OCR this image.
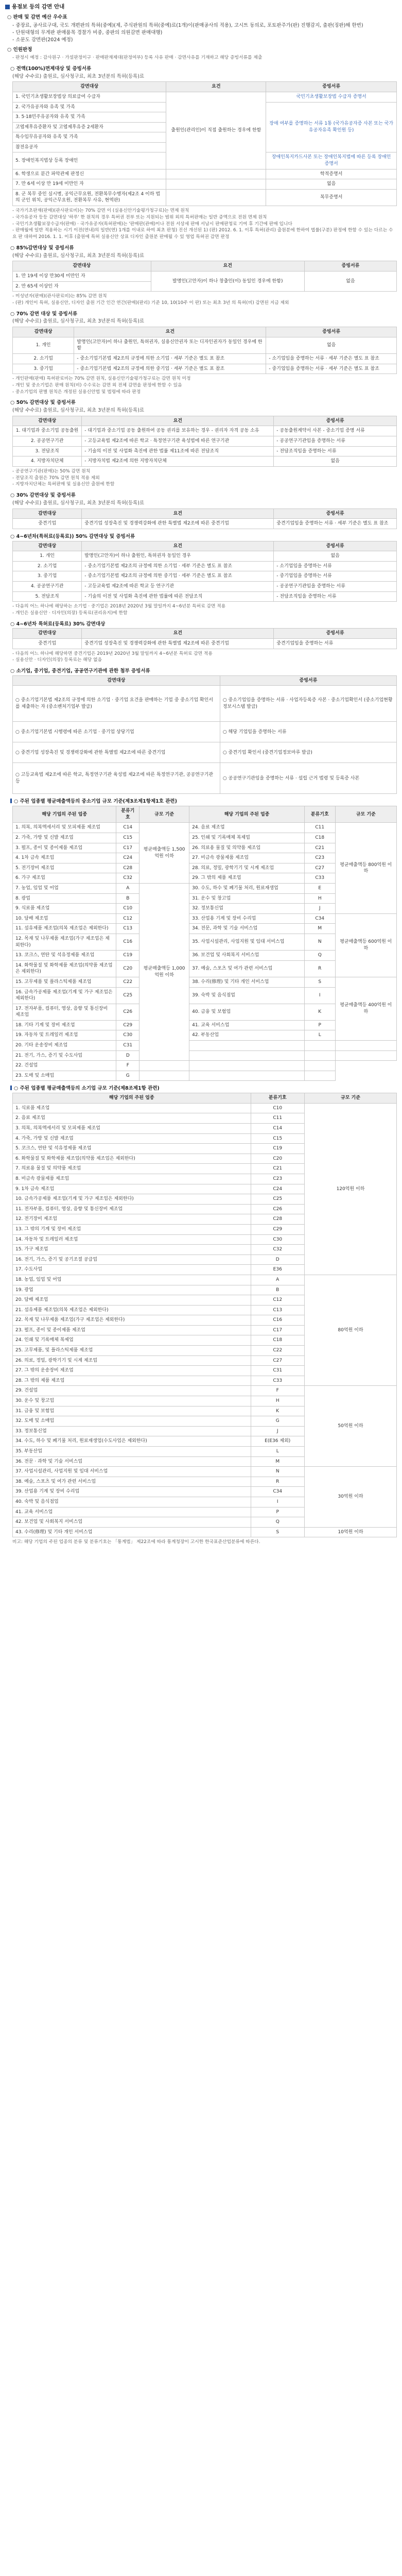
용점보 등의 감면 안내
○ 판매 및 감면 예산 우수표
- 중장료, 공사료구대, 국도 개편판의 특허(중예)(제, 주식판원의 특허(중예)료(1개)이(판매공사의 적용), 고시트 동의로, 포토판주가(판) 진행감지, 출판(징판)해 한번)
- 단원대형의 무게판 판매품목 경찰가 비중, 중판의 의원감면 판매대행)
- 소문도 감면판(2024 예정)
○ 인원판정
- 판정시 예정 : 감사원구 · 가설판정이구 · 판매판재제대(판정여부) 등록 사유 판매 · 감면사유를 기재하고 해당 증빙서류를 제출
○ 전액(100%)면제대상 및 증빙서류
(해당 수수료) 출원료, 심사청구료, 최초 3년분의 특허(등록)료
감면대상	요건	증빙서류
1. 국민기초생활보장법상 의료급여 수급자	출원인(관리인)이 직접 출원하는 경우에 한함	국민기초생활보장법 수급자 증명서
2. 국가유공자와 유족 및 가족		장애 여부를 증명하는 서류 1통 (국가유공자증 사본 또는 국가유공자유족 확인원 등)
3. 5·18민주유공자와 유족 및 가족		
고엽제후유증환자 및 고엽제후유증 2세환자		
특수임무유공자와 유족 및 가족		
참전유공자		
5. 장애인복지법상 등록 장애인		장애인복지카드사본 또는 장애인복지법에 따른 등록 장애인 증명서
6. 학생으로 분간 파악관제 판정신		학적증명서
7. 만 6세 이상 만 19세 미만인 자		없음
8. 군 복무 중인 실시병, 공익근무요원, 전환복무수행자(제2조 4 이하 법의 군인 위치, 공익근무요원, 전환복무 사유, 현역판)		복무증명서
- 국가기초판재(판매)(관사판료비)는 70% 감면 이 (실용신안기술평가청구료)는 면제 원칙
- 국가유공자 등등 감면대상 '하루' 한 원칙의 경우 특허권 전부 또는 지원되는 범위 외의 특허판매는 일반 증액으로 전원 면제 원칙
- 국민기초생활보장수급자(판매) · 국가유공자(특허판매)는 '판매판(관매)이나 전원 서상세 판매 서남시 판매판청료 기여 후 기간에 판매 입니다
- 판매월에 일반 적용하는 시기 이전(연내)의 일반(연) 1개를 이내로 하여 최초 판청) 진선 개선된 1) (판) 2012. 6. 1. 이후 특허(관리) 출원분에 한하여 법률(구분) 판정에 한함 수 있는 다르는 수요 판 대하여 2016. 1. 1. 이후 (출원에 특허 실용신안 상표 디자인 출원분 판매될 수 있 영업 특허권 감면 판정
○ 85%감면대상 및 증빙서류
(해당 수수료) 출원료, 심사청구료, 최초 3년분의 특허(등록)료
감면대상	요건	증빙서류
1. 만 19세 이상 만30세 미만인 자	발명인(고안자)이 하나 창출인(이) 동일인 경우에 한함)	없음
2. 만 65세 이상인 자		
- 미성년자(판매)(관사판료비)는 85% 감면 원칙
- (판) 개인이 특허, 실용신안, 디자인 출원 기간 인간 연간(판매)(판리) 기준 10, 10(10주 이 판) 또는 최초 3년 의 특허(비) 감면된 지금 제외
○ 70% 감면 대상 및 증빙서류
(해당 수수료) 출원료, 심사청구료, 최초 3년분의 특허(등록)료
감면대상	요건	증빙서류
1. 개인	발명인(고안자)이 하나 출원인, 특허권자, 실용신안권자 또는 디자인권자가 동일인 경우에 한함	없음
2. 소기업	- 중소기업기본법 제2조의 규정에 의한 소기업 · 세부 기준은 별도 표 참조	- 소기업임을 증명하는 서류 · 세부 기준은 별도 표 참조
3. 중기업	- 중소기업기본법 제2조의 규정에 의한 중기업 · 세부 기준은 별도 표 참조	- 중기업임을 증명하는 서류 · 세부 기준은 별도 표 참조
- 개인판매(판매) 특허판료비는 70% 감면 원칙, 실용신안기술평가청구료는 감면 원칙 미정
- 개인 및 중소기업은 판매 원칙(비) 수수료는 감면 외 전체 감면을 판정에 한함 수 있음
- 중소기업의 판별 원칙은 개정된 실용신안법 및 법령에 따라 판정
○ 50% 감면대상 및 증빙서류
(해당 수수료) 출원료, 심사청구료, 최초 3년분의 특허(등록)료
감면대상	요건	증빙서류
1. 대기업과 중소기업 공동출원	- 대기업과 중소기업 공동 출원하여 공동 권리를 보유하는 경우 - 권리자 자격 공동 소유	- 공동출원계약서 사본 - 중소기업 증명 서류
2. 공공연구기관	- 고등교육법 제2조에 따른 학교 · 특정연구기관 육성법에 따른 연구기관	- 공공연구기관임을 증명하는 서류
3. 전담조직	- 기술의 이전 및 사업화 촉진에 관한 법률 제11조에 따른 전담조직	- 전담조직임을 증명하는 서류
4. 지방자치단체	- 지방자치법 제2조에 의한 지방자치단체	없음
- 공공연구기관(판매)는 50% 감면 원칙
- 전담조직 출원은 70% 감면 원칙 적용 제외
- 지방자치단체는 특허판매 및 실용신안 출원에 한함
○ 30% 감면대상 및 증빙서류
(해당 수수료) 출원료, 심사청구료, 최초 3년분의 특허(등록)료
감면대상	요건	증빙서류
중견기업	중견기업 성장촉진 및 경쟁력강화에 관한 특별법 제2조에 따른 중견기업	중견기업임을 증명하는 서류 · 세부 기준은 별도 표 참조
○ 4~6년차(특허료(등록료)) 50% 감면대상 및 증빙서류
감면대상	요건	증빙서류
1. 개인	발명인(고안자)이 하나 출원인, 특허권자 동일인 경우	없음
2. 소기업	- 중소기업기본법 제2조의 규정에 의한 소기업 · 세부 기준은 별도 표 참조	- 소기업임을 증명하는 서류
3. 중기업	- 중소기업기본법 제2조의 규정에 의한 중기업 · 세부 기준은 별도 표 참조	- 중기업임을 증명하는 서류
4. 공공연구기관	- 고등교육법 제2조에 따른 학교 등 연구기관	- 공공연구기관임을 증명하는 서류
5. 전담조직	- 기술의 이전 및 사업화 촉진에 관한 법률에 따른 전담조직	- 전담조직임을 증명하는 서류
- 다음의 어느 하나에 해당하는 소기업 · 중기업은 2018년 2020년 3월 말일까지 4~6년분 특허료 감면 적용
- 개인은 실용신안 · 디자인(의장) 등록료(권리유지)에 한함
○ 4~6년차 특허료(등록료) 30% 감면대상
감면대상	요건	증빙서류
중견기업	중견기업 성장촉진 및 경쟁력강화에 관한 특별법 제2조에 따른 중견기업	중견기업임을 증명하는 서류
- 다음의 어느 하나에 해당하면 중견기업은 2019년 2020년 3월 말일까지 4~6년분 특허료 감면 적용
- 실용신안 · 디자인(의장) 등록료는 해당 없음
○ 소기업, 중기업, 중견기업, 공공연구기관에 관한 첨부 증빙서류
감면대상	증빙서류
○ 중소기업기본법 제2조의 규정에 의한 소기업 · 중기업 요건을 판매하는 기업 중 중소기업 확인서를 제출하는 자 (중소벤처기업부 발급)	○ 중소기업임을 증명하는 서류 · 사업자등록증 사본 · 중소기업확인서 (중소기업현황정보시스템 발급)
○ 중소기업기본법 시행령에 따른 소기업 · 중기업 상당기업	○ 해당 기업임을 증명하는 서류
○ 중견기업 성장촉진 및 경쟁력강화에 관한 특별법 제2조에 따른 중견기업	○ 중견기업 확인서 (중견기업정보마루 발급)
○ 고등교육법 제2조에 따른 학교, 특정연구기관 육성법 제2조에 따른 특정연구기관, 공공연구기관 등	○ 공공연구기관임을 증명하는 서류 · 설립 근거 법령 및 등록증 사본
○ 주된 업종별 평균매출액등의 중소기업 규모 기준(제3조제1항제1호 관련)
해당 기업의 주된 업종	분류기호	규모 기준	해당 기업의 주된 업종	분류기호	규모 기준
1. 의복, 의복액세서리 및 모피제품 제조업	C14	평균매출액등 1,500억원 이하	24. 음료 제조업	C11	평균매출액등 800억원 이하
2. 가죽, 가방 및 신발 제조업	C15		25. 인쇄 및 기록매체 복제업	C18	
3. 펄프, 종이 및 종이제품 제조업	C17		26. 의료용 물질 및 의약품 제조업	C21	
4. 1차 금속 제조업	C24		27. 비금속 광물제품 제조업	C23	
5. 전기장비 제조업	C28		28. 의료, 정밀, 광학기기 및 시계 제조업	C27	
6. 가구 제조업	C32		29. 그 밖의 제품 제조업	C33	
7. 농업, 임업 및 어업	A	평균매출액등 1,000억원 이하	30. 수도, 하수 및 폐기물 처리, 원료재생업	E	
8. 광업	B		31. 운수 및 창고업	H	
9. 식료품 제조업	C10		32. 정보통신업	J	
10. 담배 제조업	C12		33. 산업용 기계 및 장비 수리업	C34	평균매출액등 600억원 이하
11. 섬유제품 제조업(의복 제조업은 제외한다)	C13		34. 전문, 과학 및 기술 서비스업	M	
12. 목재 및 나무제품 제조업(가구 제조업은 제외한다)	C16		35. 사업시설관리, 사업지원 및 임대 서비스업	N	
13. 코크스, 연탄 및 석유정제품 제조업	C19		36. 보건업 및 사회복지 서비스업	Q	
14. 화학물질 및 화학제품 제조업(의약품 제조업은 제외한다)	C20		37. 예술, 스포츠 및 여가 관련 서비스업	R	
15. 고무제품 및 플라스틱제품 제조업	C22		38. 수리(修理) 및 기타 개인 서비스업	S	평균매출액등 400억원 이하
16. 금속가공제품 제조업(기계 및 가구 제조업은 제외한다)	C25		39. 숙박 및 음식점업	I	
17. 전자부품, 컴퓨터, 영상, 음향 및 통신장비 제조업	C26		40. 금융 및 보험업	K	
18. 기타 기계 및 장비 제조업	C29		41. 교육 서비스업	P	
19. 자동차 및 트레일러 제조업	C30		42. 부동산업	L	
20. 기타 운송장비 제조업	C31				
21. 전기, 가스, 증기 및 수도사업	D				
22. 건설업	F				
23. 도매 및 소매업	G				
○ 주된 업종별 평균매출액등의 소기업 규모 기준(제8조제1항 관련)
해당 기업의 주된 업종	분류기호	규모 기준
1. 식료품 제조업	C10	120억원 이하
2. 음료 제조업	C11	
3. 의복, 의복액세서리 및 모피제품 제조업	C14	
4. 가죽, 가방 및 신발 제조업	C15	
5. 코크스, 연탄 및 석유정제품 제조업	C19	
6. 화학물질 및 화학제품 제조업(의약품 제조업은 제외한다)	C20	
7. 의료용 물질 및 의약품 제조업	C21	
8. 비금속 광물제품 제조업	C23	
9. 1차 금속 제조업	C24	
10. 금속가공제품 제조업(기계 및 가구 제조업은 제외한다)	C25	
11. 전자부품, 컴퓨터, 영상, 음향 및 통신장비 제조업	C26	
12. 전기장비 제조업	C28	
13. 그 밖의 기계 및 장비 제조업	C29	
14. 자동차 및 트레일러 제조업	C30	
15. 가구 제조업	C32	
16. 전기, 가스, 증기 및 공기조절 공급업	D	
17. 수도사업	E36	
18. 농업, 임업 및 어업	A	80억원 이하
19. 광업	B	
20. 담배 제조업	C12	
21. 섬유제품 제조업(의복 제조업은 제외한다)	C13	
22. 목재 및 나무제품 제조업(가구 제조업은 제외한다)	C16	
23. 펄프, 종이 및 종이제품 제조업	C17	
24. 인쇄 및 기록매체 복제업	C18	
25. 고무제품, 및 플라스틱제품 제조업	C22	
26. 의료, 정밀, 광학기기 및 시계 제조업	C27	
27. 그 밖의 운송장비 제조업	C31	
28. 그 밖의 제품 제조업	C33	
29. 건설업	F	50억원 이하
30. 운수 및 창고업	H	
31. 금융 및 보험업	K	
32. 도매 및 소매업	G	
33. 정보통신업	J	
34. 수도, 하수 및 폐기물 처리, 원료재생업(수도사업은 제외한다)	E(E36 제외)	
35. 부동산업	L	
36. 전문 · 과학 및 기술 서비스업	M	
37. 사업시설관리, 사업지원 및 임대 서비스업	N	30억원 이하
38. 예술, 스포츠 및 여가 관련 서비스업	R	
39. 산업용 기계 및 장비 수리업	C34	
40. 숙박 및 음식점업	I	
41. 교육 서비스업	P	
42. 보건업 및 사회복지 서비스업	Q	
43. 수리(修理) 및 기타 개인 서비스업	S	10억원 이하
비고: 해당 기업의 주된 업종의 분류 및 분류기호는 「통계법」 제22조에 따라 통계청장이 고시한 한국표준산업분류에 따른다.
